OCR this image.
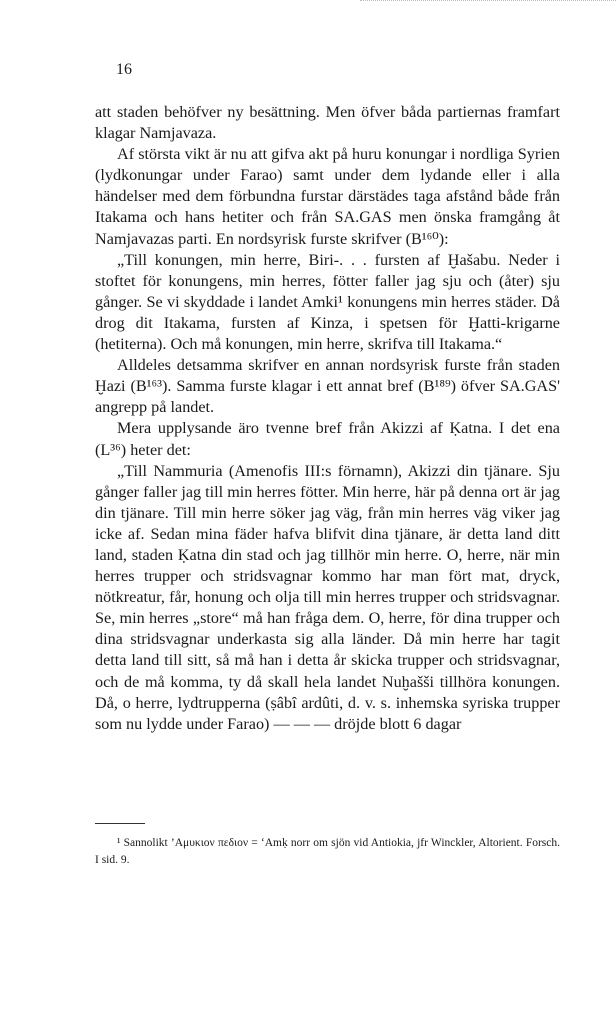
16

att staden behöfver ny besättning. Men öfver båda partiernas framfart klagar Namjavaza.

Af största vikt är nu att gifva akt på huru konungar i nordliga Syrien (lydkonungar under Farao) samt under dem lydande eller i alla händelser med dem förbundna furstar därstädes taga afstånd både från Itakama och hans hetiter och från SA.GAS men önska framgång åt Namjavazas parti. En nordsyrisk furste skrifver (B¹⁶⁰):

„Till konungen, min herre, Biri-. . . fursten af Ḫašabu. Neder i stoftet för konungens, min herres, fötter faller jag sju och (åter) sju gånger. Se vi skyddade i landet Amki¹ konungens min herres städer. Då drog dit Itakama, fursten af Kinza, i spetsen för Ḫatti-krigarne (hetiterna). Och må konungen, min herre, skrifva till Itakama.“

Alldeles detsamma skrifver en annan nordsyrisk furste från staden Ḫazi (B¹⁶³). Samma furste klagar i ett annat bref (B¹⁸⁹) öfver SA.GAS' angrepp på landet.

Mera upplysande äro tvenne bref från Akizzi af Ḳatna. I det ena (L³⁶) heter det:

„Till Nammuria (Amenofis III:s förnamn), Akizzi din tjänare. Sju gånger faller jag till min herres fötter. Min herre, här på denna ort är jag din tjänare. Till min herre söker jag väg, från min herres väg viker jag icke af. Sedan mina fäder hafva blifvit dina tjänare, är detta land ditt land, staden Ḳatna din stad och jag tillhör min herre. O, herre, när min herres trupper och stridsvagnar kommo har man fört mat, dryck, nötkreatur, får, honung och olja till min herres trupper och stridsvagnar. Se, min herres „store“ må han fråga dem. O, herre, för dina trupper och dina stridsvagnar underkasta sig alla länder. Då min herre har tagit detta land till sitt, så må han i detta år skicka trupper och stridsvagnar, och de må komma, ty då skall hela landet Nuḫašši tillhöra konungen. Då, o herre, lydtrupperna (ṣâbî ardûti, d. v. s. inhemska syriska trupper som nu lydde under Farao) — — — dröjde blott 6 dagar

¹ Sannolikt ’Aμυκιον πεδιον = ‘Amḳ norr om sjön vid Antiokia, jfr Winckler, Altorient. Forsch. I sid. 9.
